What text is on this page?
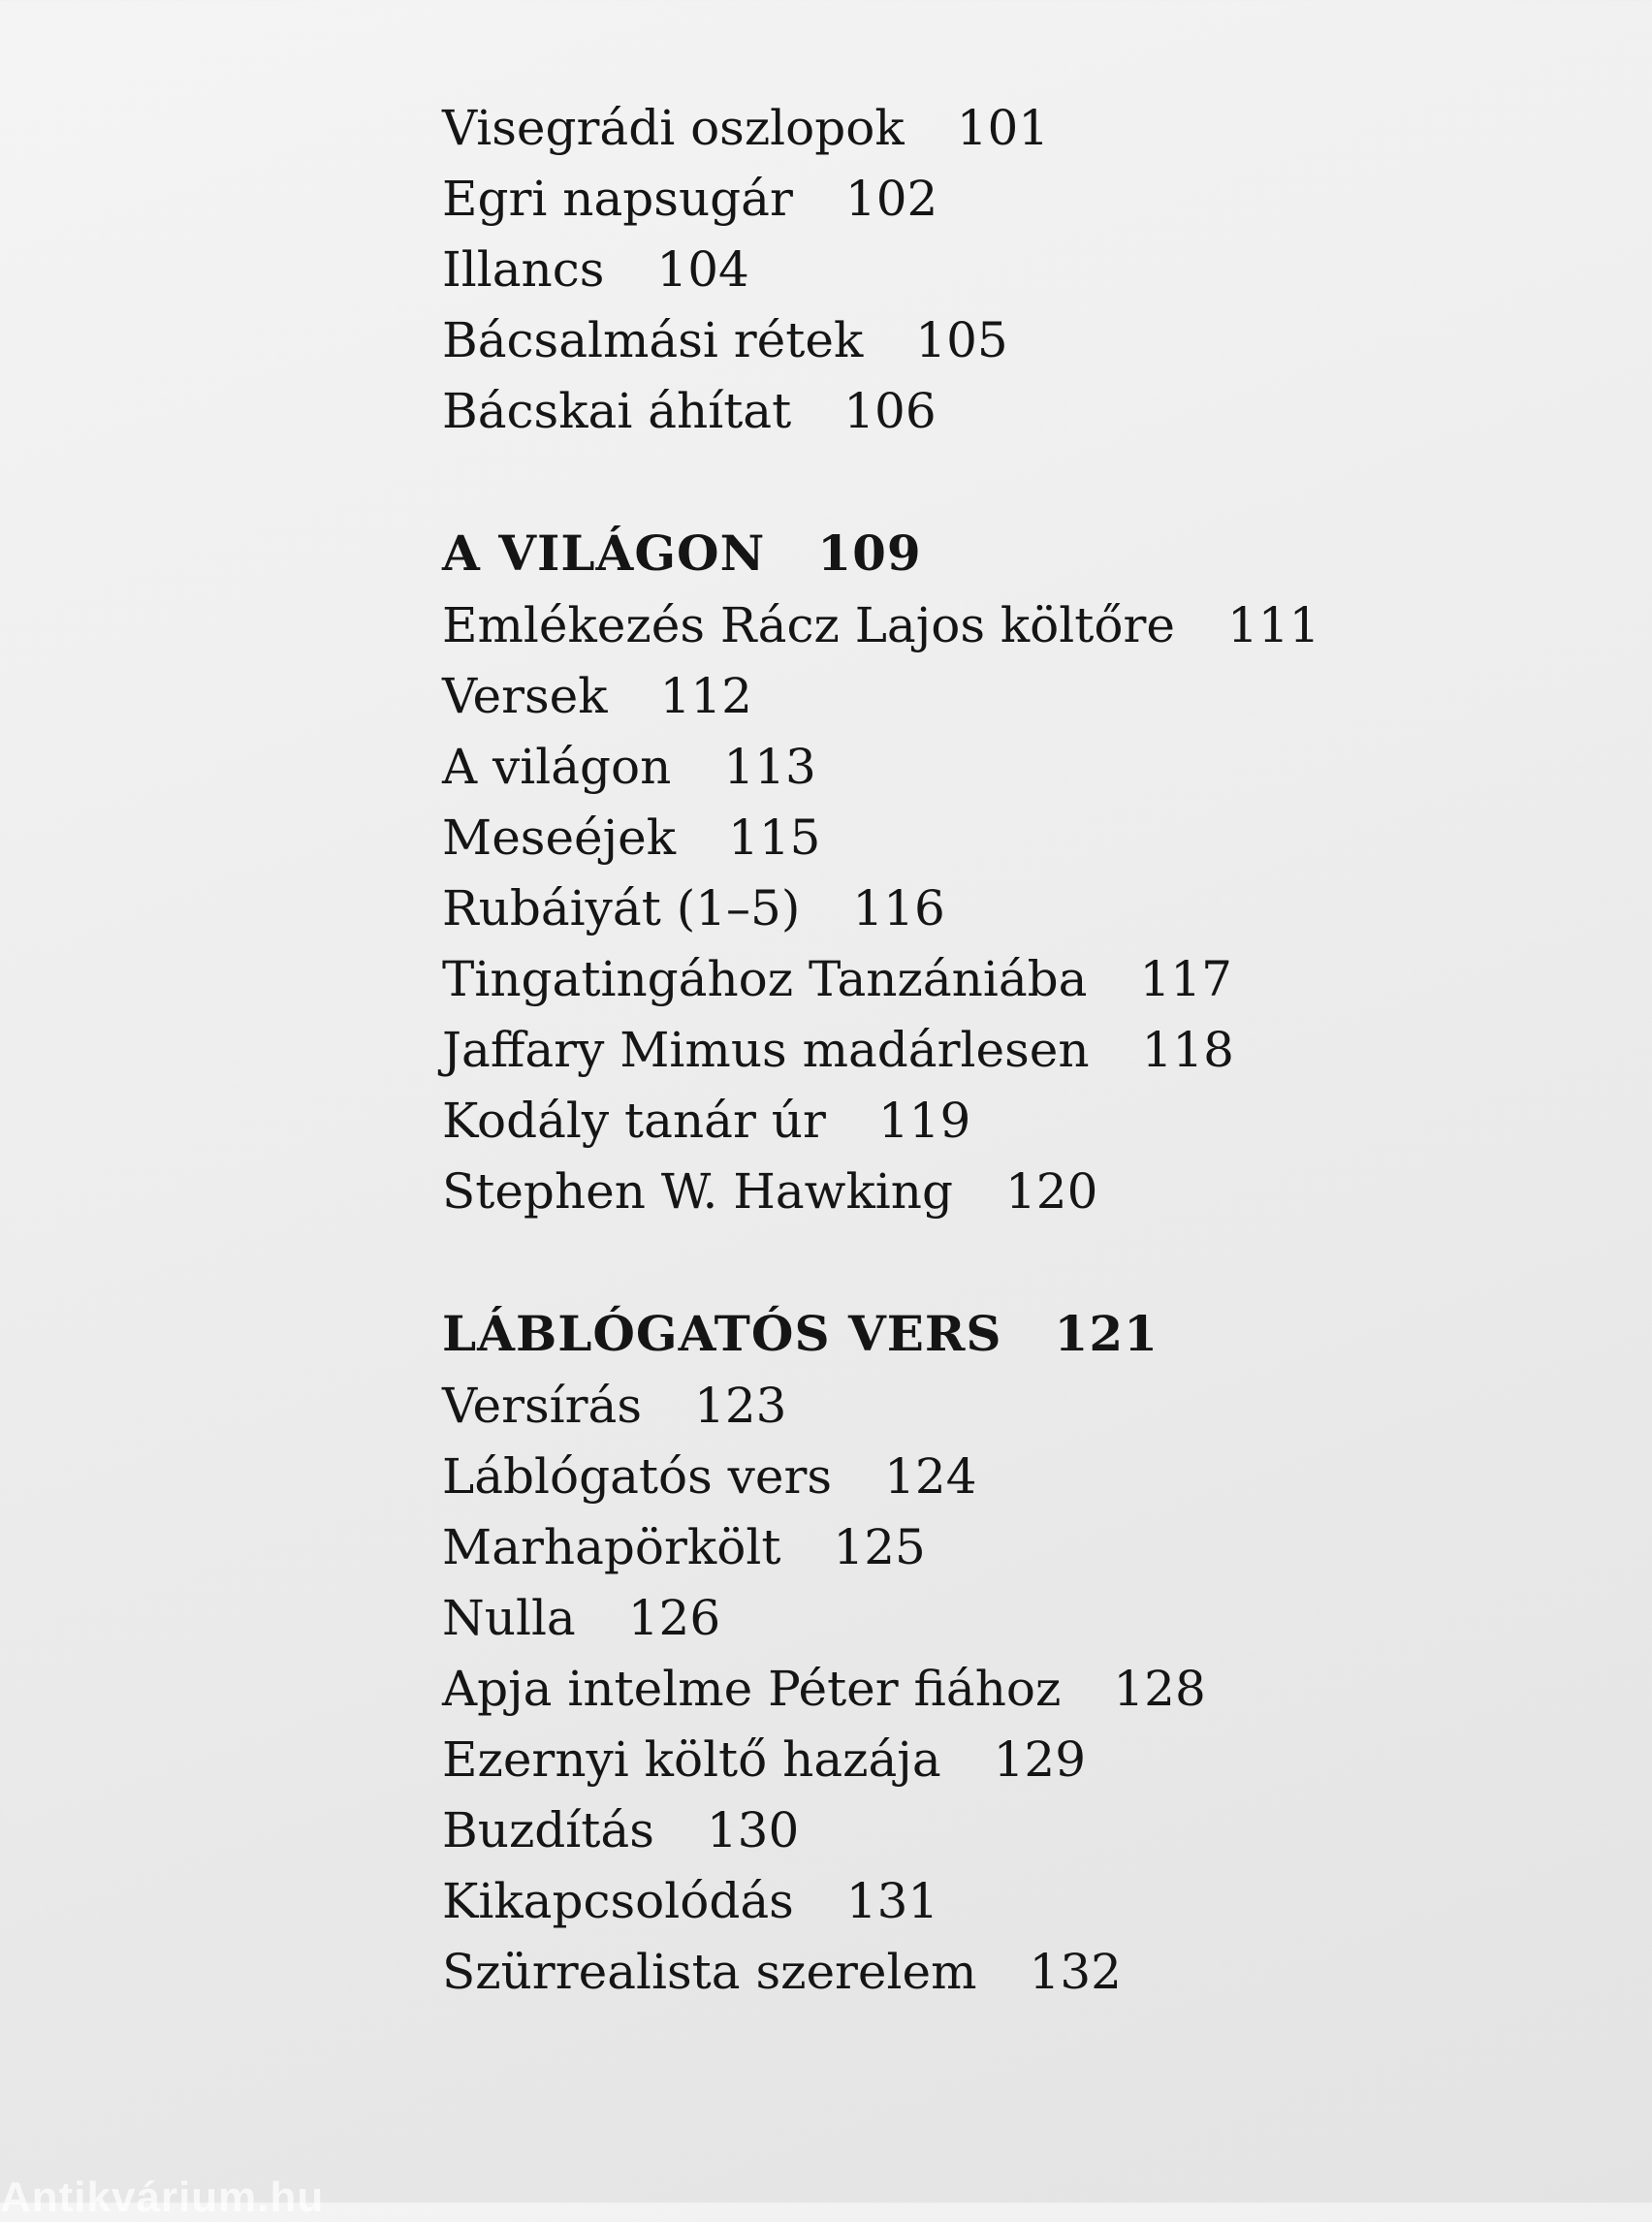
Visegrádi oszlopok 101
Egri napsugár 102
Illancs 104
Bácsalmási rétek 105
Bácskai áhítat 106
A VILÁGON 109
Emlékezés Rácz Lajos költőre 111
Versek 112
A világon 113
Meseéjek 115
Rubáiyát (1–5) 116
Tingatingához Tanzániába 117
Jaffary Mimus madárlesen 118
Kodály tanár úr 119
Stephen W. Hawking 120
LÁBLÓGATÓS VERS 121
Versírás 123
Láblógatós vers 124
Marhapörkölt 125
Nulla 126
Apja intelme Péter fiához 128
Ezernyi költő hazája 129
Buzdítás 130
Kikapcsolódás 131
Szürrealista szerelem 132
Antikvárium.hu
